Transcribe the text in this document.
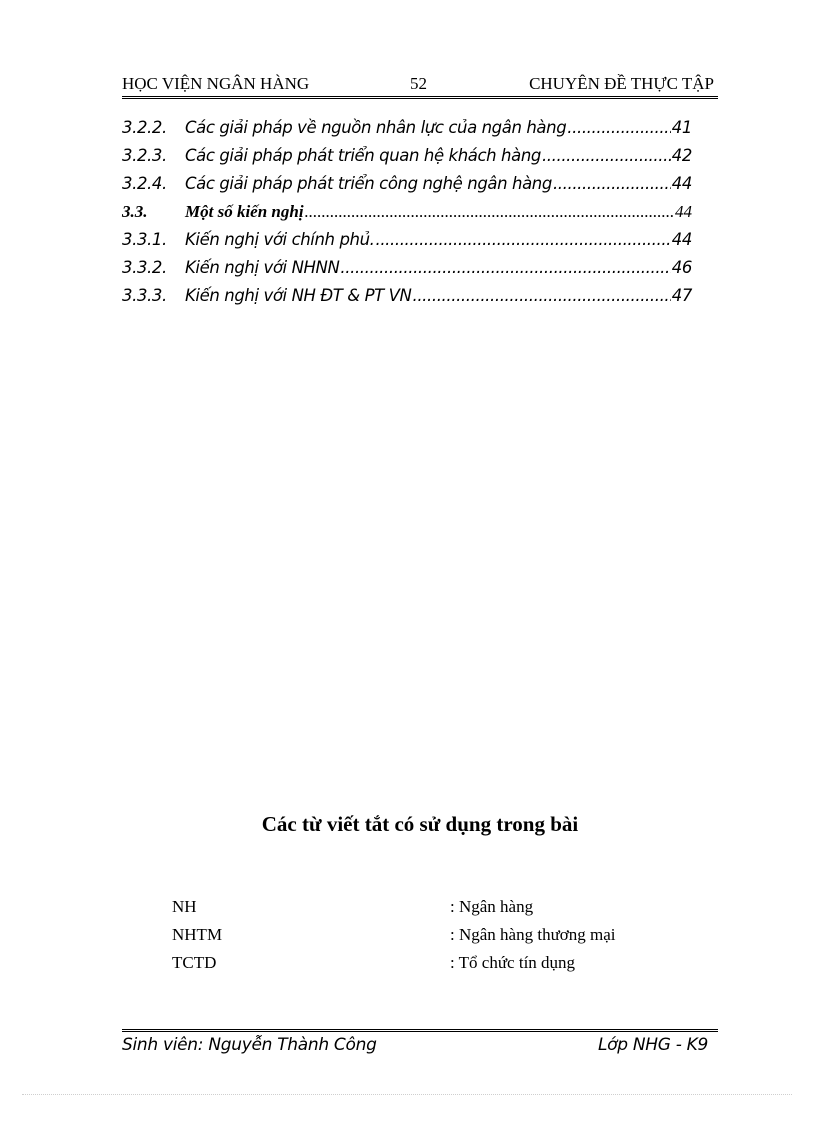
HỌC VIỆN NGÂN HÀNG	52	CHUYÊN ĐỀ THỰC TẬP
3.2.2.	Các giải pháp về nguồn nhân lực của ngân hàng .....	41
3.2.3.	Các giải pháp phát triển quan hệ khách hàng .....	42
3.2.4.	Các giải pháp phát triển công nghệ ngân hàng .....	44
3.3.	Một số kiến nghị .....	44
3.3.1.	Kiến nghị với chính phủ. .....	44
3.3.2.	Kiến nghị với NHNN .....	46
3.3.3.	Kiến nghị với NH ĐT & PT VN .....	47
Các từ viết tắt có sử dụng trong bài
NH	: Ngân hàng
NHTM	: Ngân hàng thương mại
TCTD	: Tổ chức tín dụng
Sinh viên: Nguyễn Thành Công	Lớp NHG - K9
